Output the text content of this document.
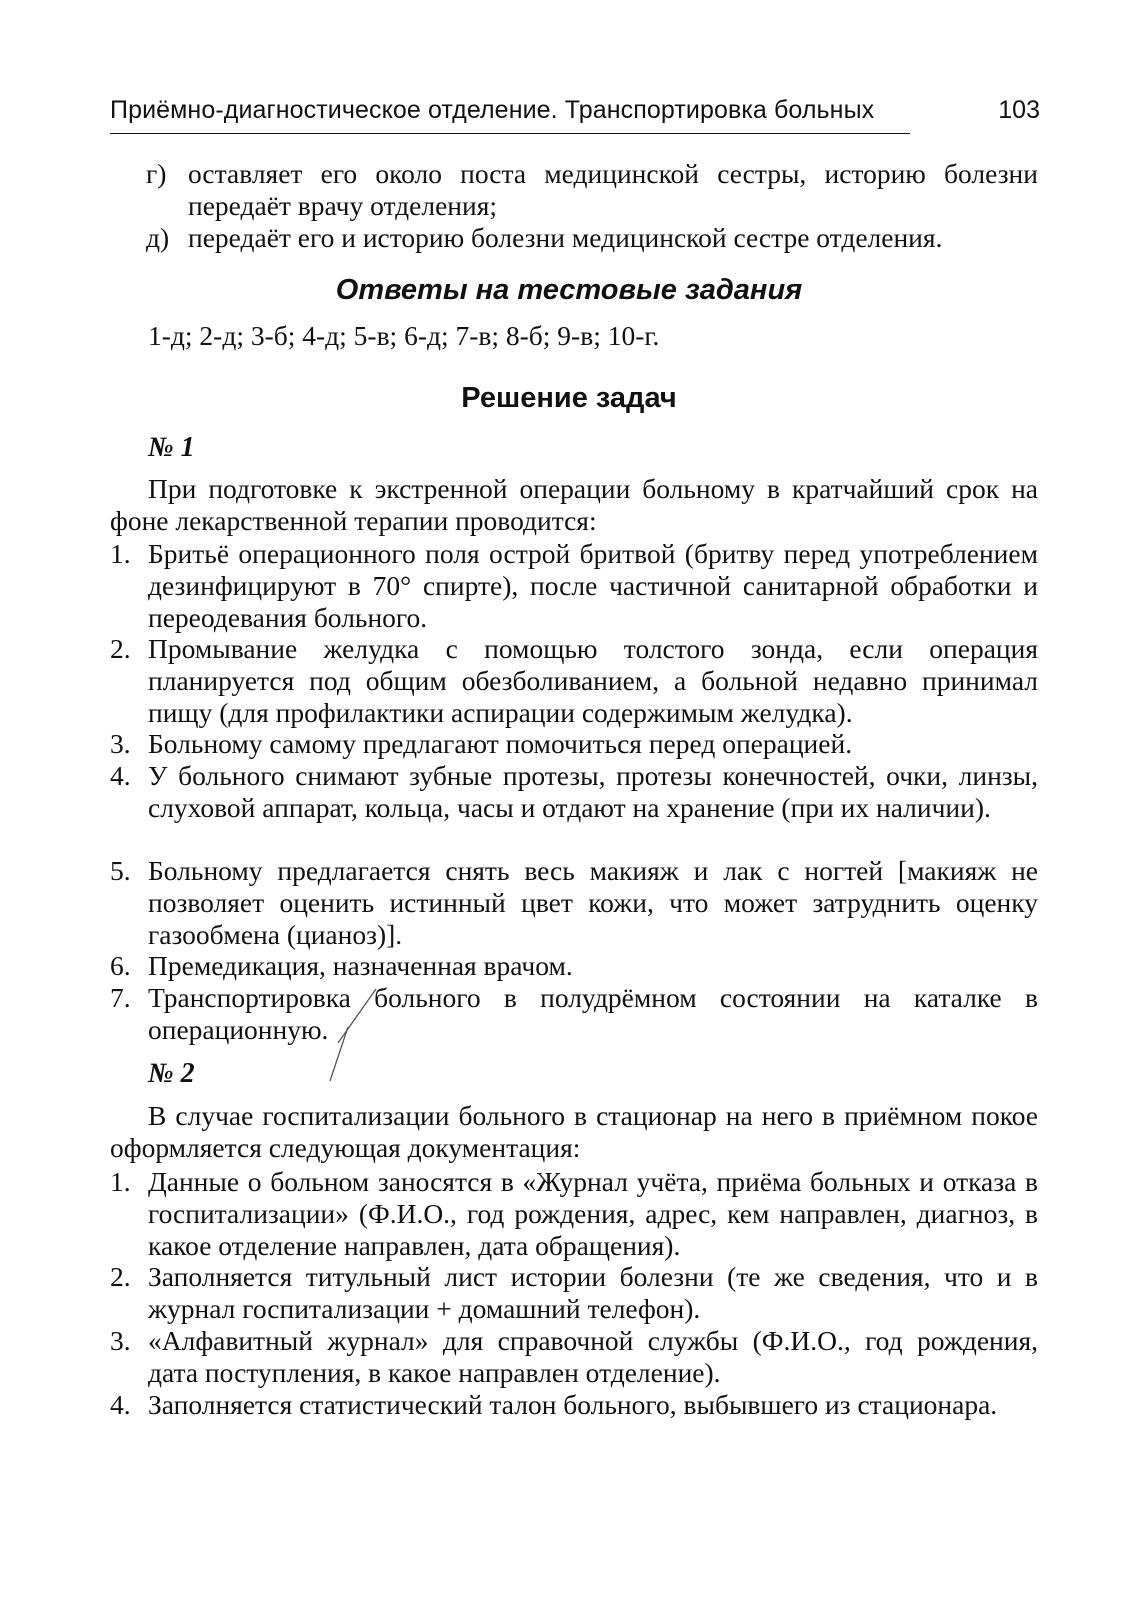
Приёмно-диагностическое отделение. Транспортировка больных	103
г) оставляет его около поста медицинской сестры, историю болезни передаёт врачу отделения;
д) передаёт его и историю болезни медицинской сестре отделения.
Ответы на тестовые задания
1-д; 2-д; 3-б; 4-д; 5-в; 6-д; 7-в; 8-б; 9-в; 10-г.
Решение задач
№ 1
При подготовке к экстренной операции больному в кратчайший срок на фоне лекарственной терапии проводится:
1. Бритьё операционного поля острой бритвой (бритву перед употреблением дезинфицируют в 70° спирте), после частичной санитарной обработки и переодевания больного.
2. Промывание желудка с помощью толстого зонда, если операция планируется под общим обезболиванием, а больной недавно принимал пищу (для профилактики аспирации содержимым желудка).
3. Больному самому предлагают помочиться перед операцией.
4. У больного снимают зубные протезы, протезы конечностей, очки, линзы, слуховой аппарат, кольца, часы и отдают на хранение (при их наличии).
5. Больному предлагается снять весь макияж и лак с ногтей [макияж не позволяет оценить истинный цвет кожи, что может затруднить оценку газообмена (цианоз)].
6. Премедикация, назначенная врачом.
7. Транспортировка больного в полудрёмном состоянии на каталке в операционную.
№ 2
В случае госпитализации больного в стационар на него в приёмном покое оформляется следующая документация:
1. Данные о больном заносятся в «Журнал учёта, приёма больных и отказа в госпитализации» (Ф.И.О., год рождения, адрес, кем направлен, диагноз, в какое отделение направлен, дата обращения).
2. Заполняется титульный лист истории болезни (те же сведения, что и в журнал госпитализации + домашний телефон).
3. «Алфавитный журнал» для справочной службы (Ф.И.О., год рождения, дата поступления, в какое направлен отделение).
4. Заполняется статистический талон больного, выбывшего из стационара.
